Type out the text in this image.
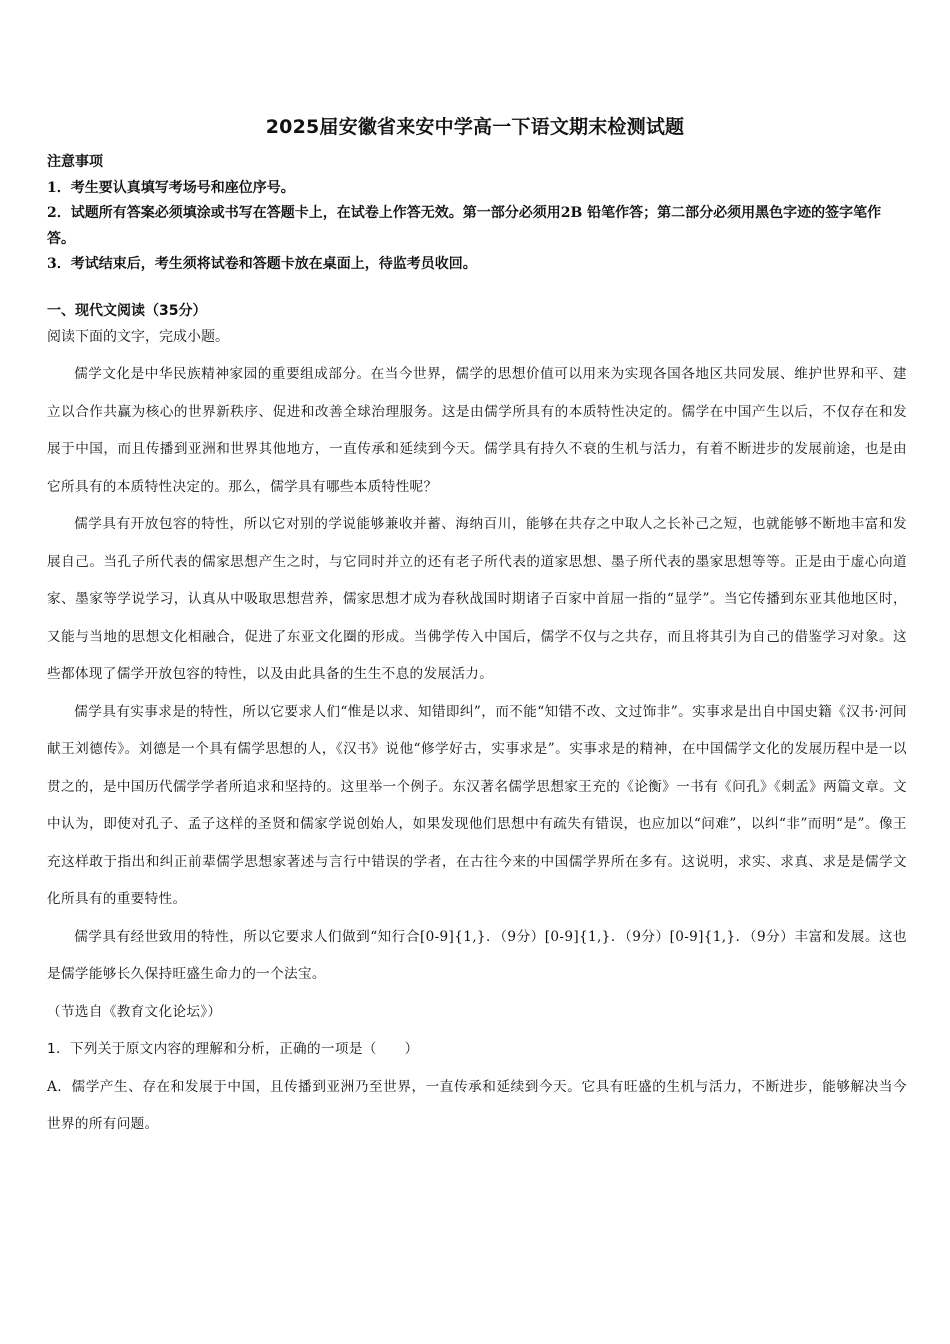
2025届安徽省来安中学高一下语文期末检测试题
注意事项
1．考生要认真填写考场号和座位序号。
2．试题所有答案必须填涂或书写在答题卡上，在试卷上作答无效。第一部分必须用2B 铅笔作答；第二部分必须用黑色字迹的签字笔作答。
3．考试结束后，考生须将试卷和答题卡放在桌面上，待监考员收回。
一、现代文阅读（35分）
阅读下面的文字，完成小题。

儒学文化是中华民族精神家园的重要组成部分。在当今世界，儒学的思想价值可以用来为实现各国各地区共同发展、维护世界和平、建立以合作共赢为核心的世界新秩序、促进和改善全球治理服务。这是由儒学所具有的本质特性决定的。儒学在中国产生以后，不仅存在和发展于中国，而且传播到亚洲和世界其他地方，一直传承和延续到今天。儒学具有持久不衰的生机与活力，有着不断进步的发展前途，也是由它所具有的本质特性决定的。那么，儒学具有哪些本质特性呢？

儒学具有开放包容的特性，所以它对别的学说能够兼收并蓄、海纳百川，能够在共存之中取人之长补己之短，也就能够不断地丰富和发展自己。当孔子所代表的儒家思想产生之时，与它同时并立的还有老子所代表的道家思想、墨子所代表的墨家思想等等。正是由于虚心向道家、墨家等学说学习，认真从中吸取思想营养，儒家思想才成为春秋战国时期诸子百家中首屈一指的“显学”。当它传播到东亚其他地区时，又能与当地的思想文化相融合，促进了东亚文化圈的形成。当佛学传入中国后，儒学不仅与之共存，而且将其引为自己的借鉴学习对象。这些都体现了儒学开放包容的特性，以及由此具备的生生不息的发展活力。

儒学具有实事求是的特性，所以它要求人们“惟是以求、知错即纠”，而不能“知错不改、文过饰非”。实事求是出自中国史籍《汉书·河间献王刘德传》。刘德是一个具有儒学思想的人，《汉书》说他“修学好古，实事求是”。实事求是的精神，在中国儒学文化的发展历程中是一以贯之的，是中国历代儒学学者所追求和坚持的。这里举一个例子。东汉著名儒学思想家王充的《论衡》一书有《问孔》《刺孟》两篇文章。文中认为，即使对孔子、孟子这样的圣贤和儒家学说创始人，如果发现他们思想中有疏失有错误，也应加以“问难”，以纠“非”而明“是”。像王充这样敢于指出和纠正前辈儒学思想家著述与言行中错误的学者，在古往今来的中国儒学界所在多有。这说明，求实、求真、求是是儒学文化所具有的重要特性。

儒学具有经世致用的特性，所以它要求人们做到“知行合[0-9]{1,}．（9分）[0-9]{1,}．（9分）[0-9]{1,}．（9分）丰富和发展。这也是儒学能够长久保持旺盛生命力的一个法宝。

（节选自《教育文化论坛》）
1．下列关于原文内容的理解和分析，正确的一项是（　　）
A．儒学产生、存在和发展于中国，且传播到亚洲乃至世界，一直传承和延续到今天。它具有旺盛的生机与活力，不断进步，能够解决当今世界的所有问题。
